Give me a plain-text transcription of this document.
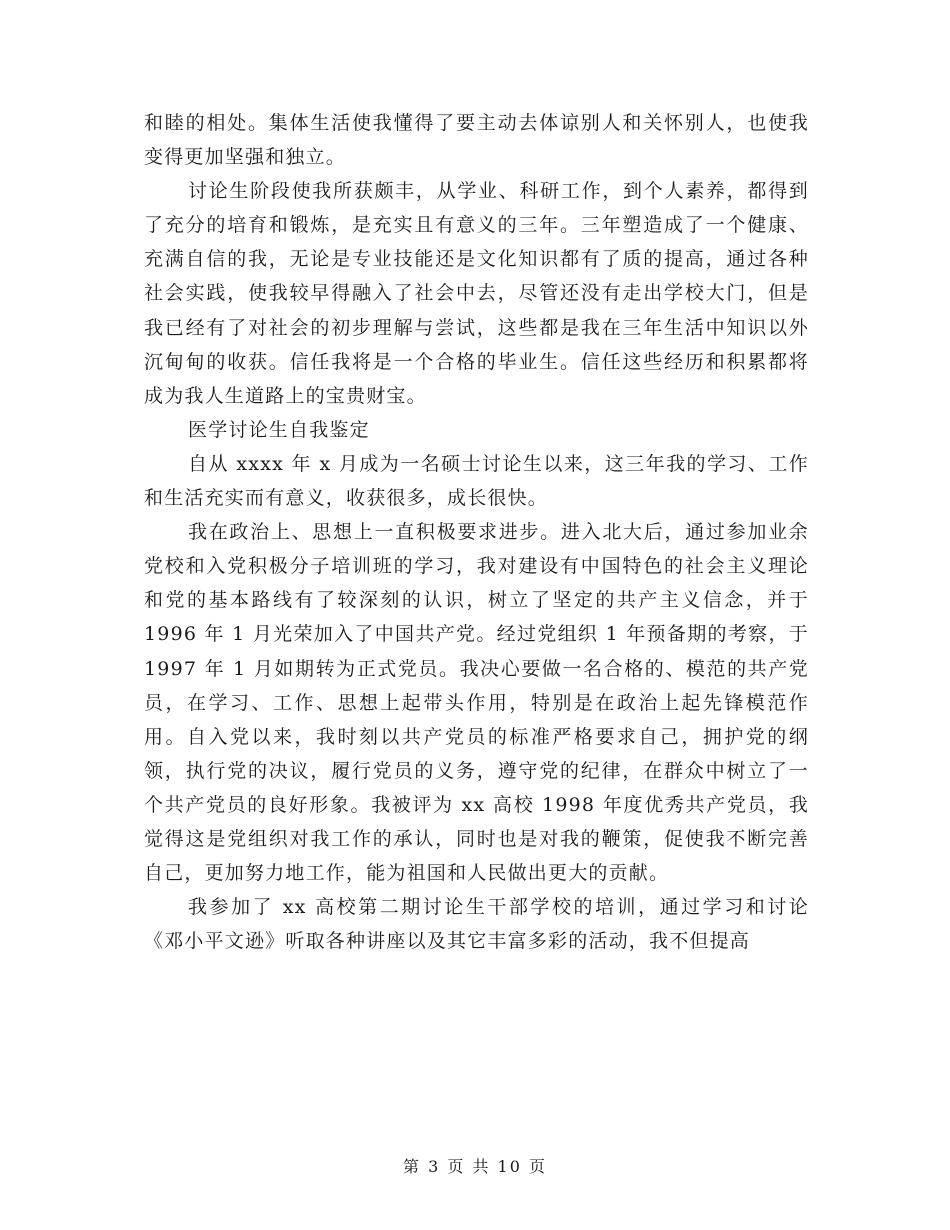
和睦的相处。集体生活使我懂得了要主动去体谅别人和关怀别人，也使我变得更加坚强和独立。

讨论生阶段使我所获颇丰，从学业、科研工作，到个人素养，都得到了充分的培育和锻炼，是充实且有意义的三年。三年塑造成了一个健康、充满自信的我，无论是专业技能还是文化知识都有了质的提高，通过各种社会实践，使我较早得融入了社会中去，尽管还没有走出学校大门，但是我已经有了对社会的初步理解与尝试，这些都是我在三年生活中知识以外沉甸甸的收获。信任我将是一个合格的毕业生。信任这些经历和积累都将成为我人生道路上的宝贵财宝。

医学讨论生自我鉴定

自从 xxxx 年 x 月成为一名硕士讨论生以来，这三年我的学习、工作和生活充实而有意义，收获很多，成长很快。

我在政治上、思想上一直积极要求进步。进入北大后，通过参加业余党校和入党积极分子培训班的学习，我对建设有中国特色的社会主义理论和党的基本路线有了较深刻的认识，树立了坚定的共产主义信念，并于 1996 年 1 月光荣加入了中国共产党。经过党组织 1 年预备期的考察，于 1997 年 1 月如期转为正式党员。我决心要做一名合格的、模范的共产党员，在学习、工作、思想上起带头作用，特别是在政治上起先锋模范作用。自入党以来，我时刻以共产党员的标准严格要求自己，拥护党的纲领，执行党的决议，履行党员的义务，遵守党的纪律，在群众中树立了一个共产党员的良好形象。我被评为 xx 高校 1998 年度优秀共产党员，我觉得这是党组织对我工作的承认，同时也是对我的鞭策，促使我不断完善自己，更加努力地工作，能为祖国和人民做出更大的贡献。

我参加了 xx 高校第二期讨论生干部学校的培训，通过学习和讨论《邓小平文逊》听取各种讲座以及其它丰富多彩的活动，我不但提高

第 3 页 共 10 页
